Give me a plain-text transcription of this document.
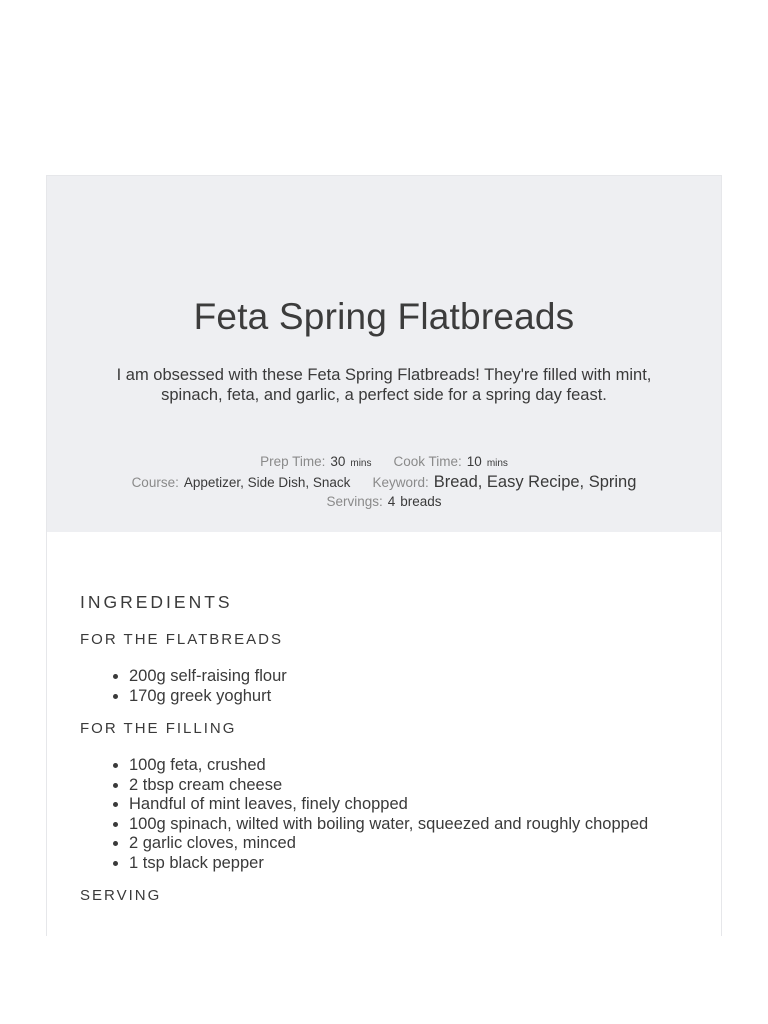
Feta Spring Flatbreads

I am obsessed with these Feta Spring Flatbreads! They're filled with mint, spinach, feta, and garlic, a perfect side for a spring day feast.

Prep Time: 30 mins Cook Time: 10 mins
Course: Appetizer, Side Dish, Snack Keyword: Bread, Easy Recipe, Spring
Servings: 4 breads
INGREDIENTS
FOR THE FLATBREADS
• 200g self-raising flour
• 170g greek yoghurt
FOR THE FILLING
• 100g feta, crushed
• 2 tbsp cream cheese
• Handful of mint leaves, finely chopped
• 100g spinach, wilted with boiling water, squeezed and roughly chopped
• 2 garlic cloves, minced
• 1 tsp black pepper
SERVING
